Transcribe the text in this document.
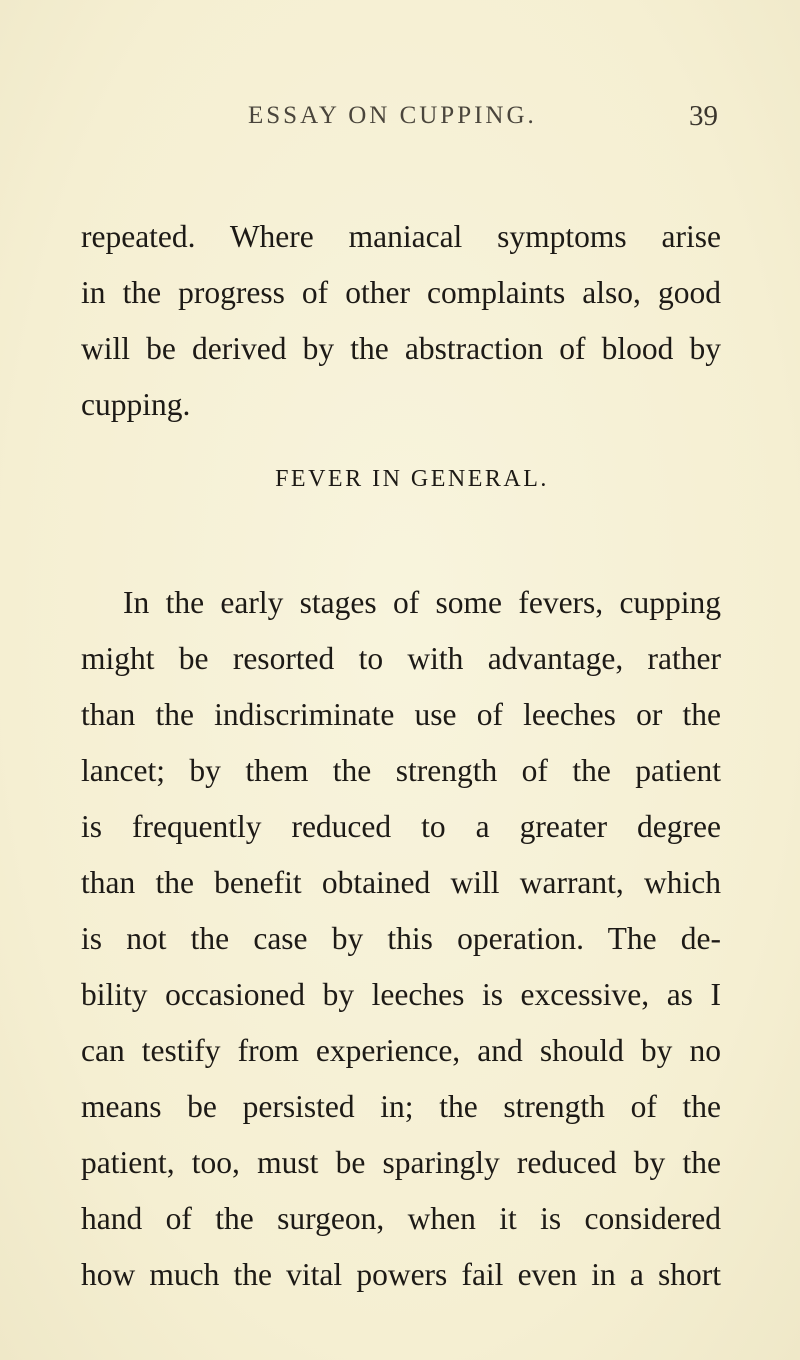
ESSAY ON CUPPING.	39
repeated. Where maniacal symptoms arise
in the progress of other complaints also, good
will be derived by the abstraction of blood by
cupping.
FEVER IN GENERAL.
In the early stages of some fevers, cupping
might be resorted to with advantage, rather
than the indiscriminate use of leeches or the
lancet; by them the strength of the patient
is frequently reduced to a greater degree
than the benefit obtained will warrant, which
is not the case by this operation. The de-
bility occasioned by leeches is excessive, as I
can testify from experience, and should by no
means be persisted in; the strength of the
patient, too, must be sparingly reduced by the
hand of the surgeon, when it is considered
how much the vital powers fail even in a short
